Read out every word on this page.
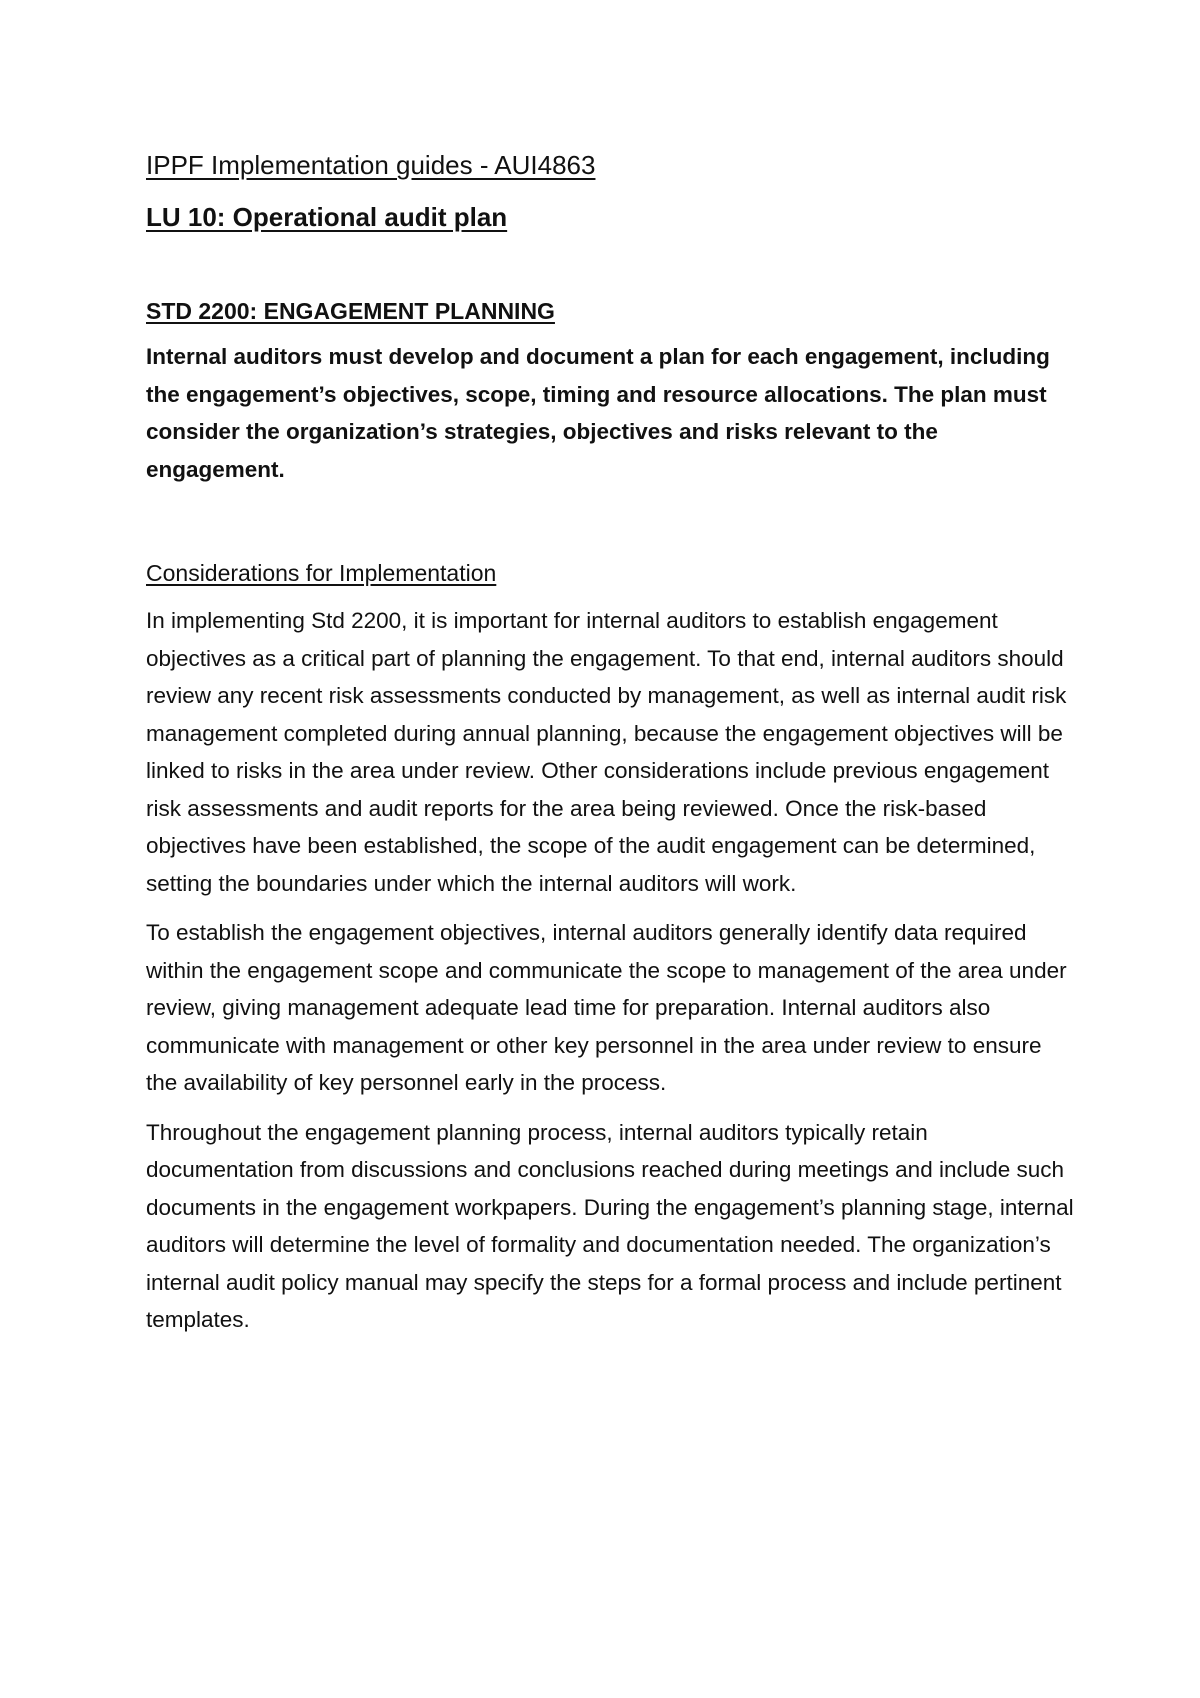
IPPF Implementation guides - AUI4863
LU 10: Operational audit plan
STD 2200: ENGAGEMENT PLANNING

Internal auditors must develop and document a plan for each engagement, including the engagement’s objectives, scope, timing and resource allocations. The plan must consider the organization’s strategies, objectives and risks relevant to the engagement.

Considerations for Implementation

In implementing Std 2200, it is important for internal auditors to establish engagement objectives as a critical part of planning the engagement. To that end, internal auditors should review any recent risk assessments conducted by management, as well as internal audit risk management completed during annual planning, because the engagement objectives will be linked to risks in the area under review. Other considerations include previous engagement risk assessments and audit reports for the area being reviewed. Once the risk-based objectives have been established, the scope of the audit engagement can be determined, setting the boundaries under which the internal auditors will work.

To establish the engagement objectives, internal auditors generally identify data required within the engagement scope and communicate the scope to management of the area under review, giving management adequate lead time for preparation. Internal auditors also communicate with management or other key personnel in the area under review to ensure the availability of key personnel early in the process.

Throughout the engagement planning process, internal auditors typically retain documentation from discussions and conclusions reached during meetings and include such documents in the engagement workpapers. During the engagement’s planning stage, internal auditors will determine the level of formality and documentation needed. The organization’s internal audit policy manual may specify the steps for a formal process and include pertinent templates.
